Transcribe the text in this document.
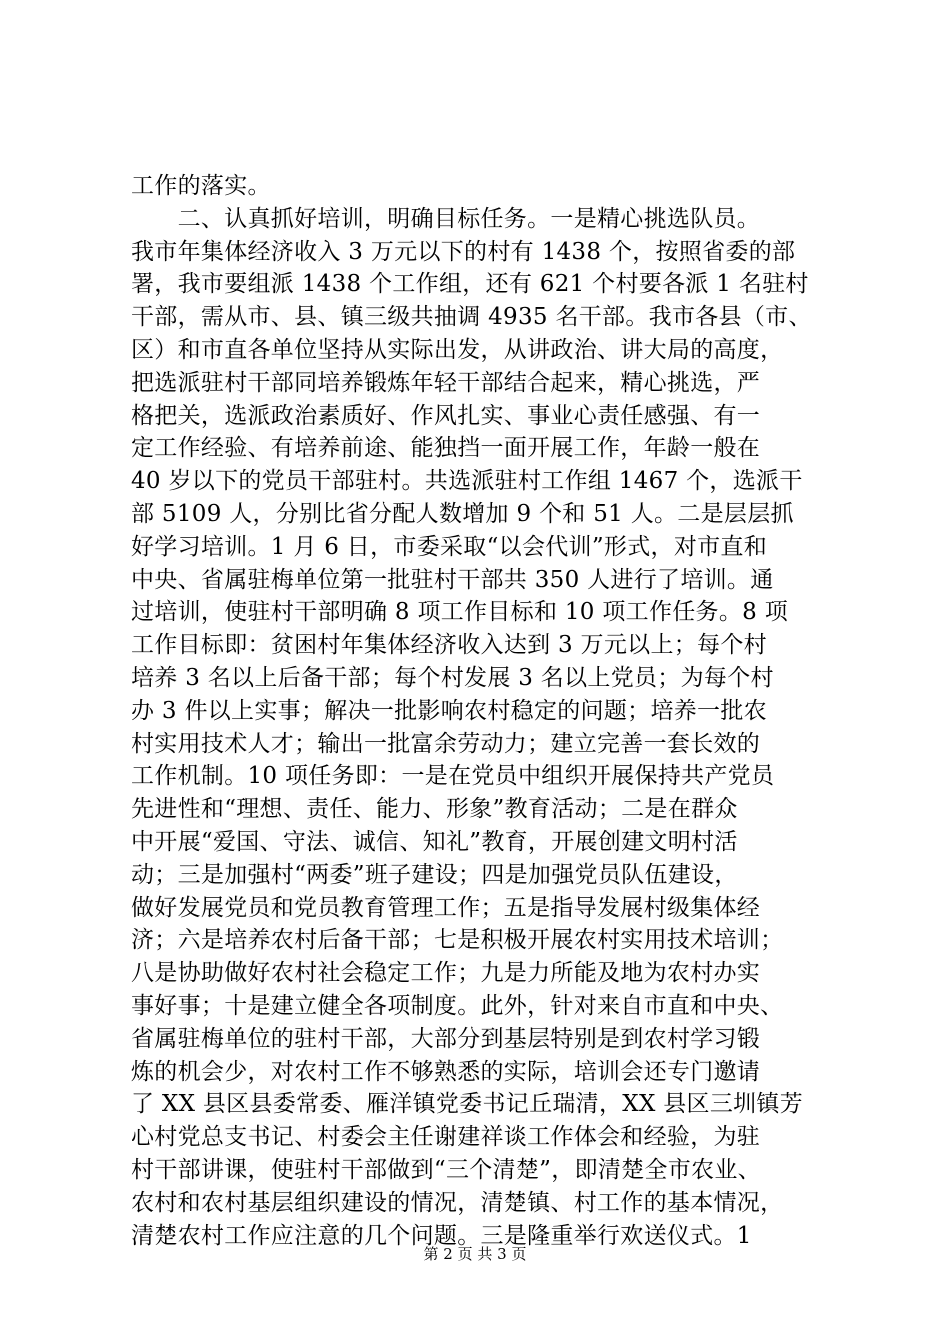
工作的落实。
　　二、认真抓好培训，明确目标任务。一是精心挑选队员。
我市年集体经济收入 3 万元以下的村有 1438 个，按照省委的部
署，我市要组派 1438 个工作组，还有 621 个村要各派 1 名驻村
干部，需从市、县、镇三级共抽调 4935 名干部。我市各县（市、
区）和市直各单位坚持从实际出发，从讲政治、讲大局的高度，
把选派驻村干部同培养锻炼年轻干部结合起来，精心挑选，严
格把关，选派政治素质好、作风扎实、事业心责任感强、有一
定工作经验、有培养前途、能独挡一面开展工作，年龄一般在
40 岁以下的党员干部驻村。共选派驻村工作组 1467 个，选派干
部 5109 人，分别比省分配人数增加 9 个和 51 人。二是层层抓
好学习培训。1 月 6 日，市委采取“以会代训”形式，对市直和
中央、省属驻梅单位第一批驻村干部共 350 人进行了培训。通
过培训，使驻村干部明确 8 项工作目标和 10 项工作任务。8 项
工作目标即：贫困村年集体经济收入达到 3 万元以上；每个村
培养 3 名以上后备干部；每个村发展 3 名以上党员；为每个村
办 3 件以上实事；解决一批影响农村稳定的问题；培养一批农
村实用技术人才；输出一批富余劳动力；建立完善一套长效的
工作机制。10 项任务即：一是在党员中组织开展保持共产党员
先进性和“理想、责任、能力、形象”教育活动；二是在群众
中开展“爱国、守法、诚信、知礼”教育，开展创建文明村活
动；三是加强村“两委”班子建设；四是加强党员队伍建设，
做好发展党员和党员教育管理工作；五是指导发展村级集体经
济；六是培养农村后备干部；七是积极开展农村实用技术培训；
八是协助做好农村社会稳定工作；九是力所能及地为农村办实
事好事；十是建立健全各项制度。此外，针对来自市直和中央、
省属驻梅单位的驻村干部，大部分到基层特别是到农村学习锻
炼的机会少，对农村工作不够熟悉的实际，培训会还专门邀请
了 XX 县区县委常委、雁洋镇党委书记丘瑞清，XX 县区三圳镇芳
心村党总支书记、村委会主任谢建祥谈工作体会和经验，为驻
村干部讲课，使驻村干部做到“三个清楚”，即清楚全市农业、
农村和农村基层组织建设的情况，清楚镇、村工作的基本情况，
清楚农村工作应注意的几个问题。三是隆重举行欢送仪式。1
第 2 页 共 3 页
